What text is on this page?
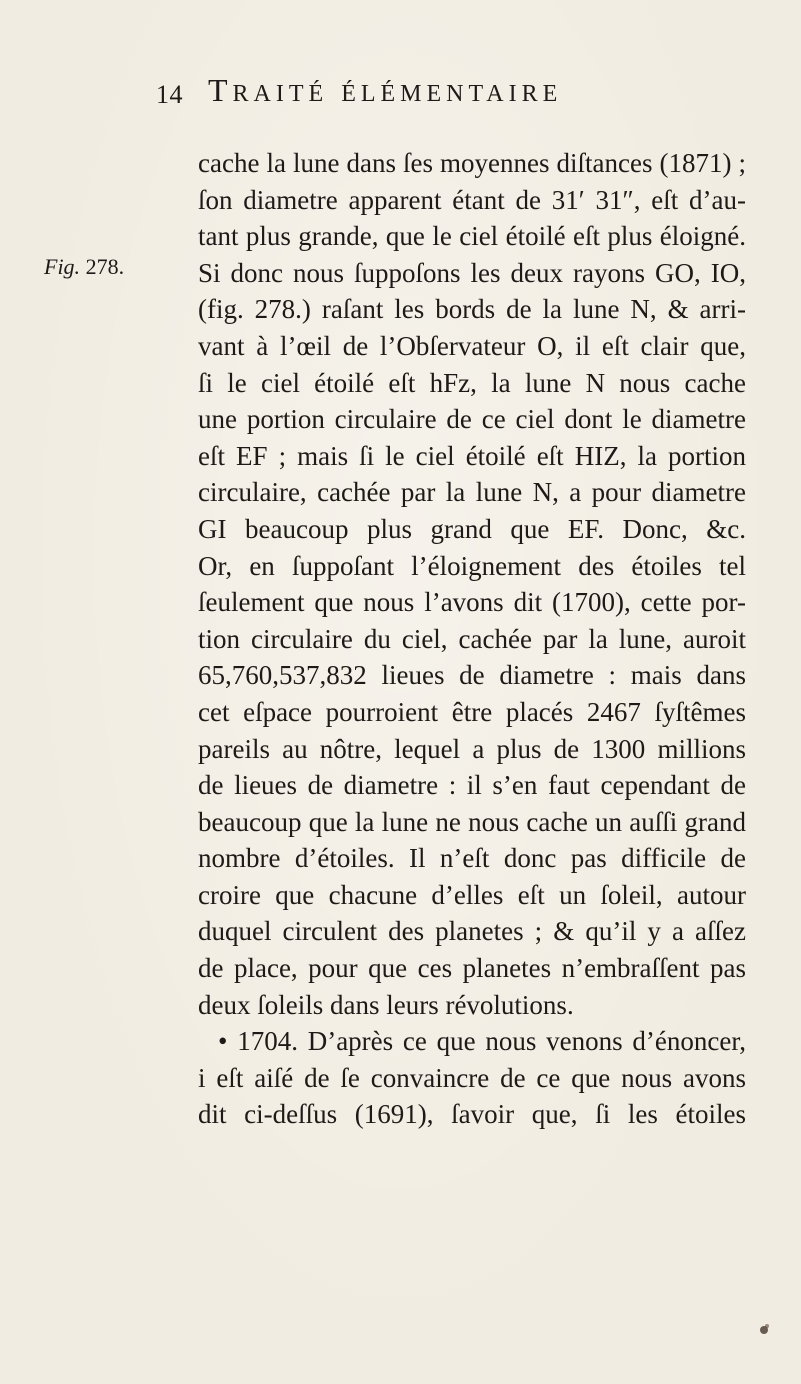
14 TRAITÉ ÉLÉMENTAIRE
Fig. 278.
cache la lune dans ſes moyennes diſtances (1871) ;
ſon diametre apparent étant de 31′ 31″, eſt d’au-
tant plus grande, que le ciel étoilé eſt plus éloigné.
Si donc nous ſuppoſons les deux rayons GO, IO,
(fig. 278.) raſant les bords de la lune N, & arri-
vant à l’œil de l’Obſervateur O, il eſt clair que,
ſi le ciel étoilé eſt hFz, la lune N nous cache
une portion circulaire de ce ciel dont le diametre
eſt EF ; mais ſi le ciel étoilé eſt HIZ, la portion
circulaire, cachée par la lune N, a pour diametre
GI beaucoup plus grand que EF. Donc, &c.
Or, en ſuppoſant l’éloignement des étoiles tel
ſeulement que nous l’avons dit (1700), cette por-
tion circulaire du ciel, cachée par la lune, auroit
65,760,537,832 lieues de diametre : mais dans
cet eſpace pourroient être placés 2467 ſyſtêmes
pareils au nôtre, lequel a plus de 1300 millions
de lieues de diametre : il s’en faut cependant de
beaucoup que la lune ne nous cache un auſſi grand
nombre d’étoiles. Il n’eſt donc pas difficile de
croire que chacune d’elles eſt un ſoleil, autour
duquel circulent des planetes ; & qu’il y a aſſez
de place, pour que ces planetes n’embraſſent pas
deux ſoleils dans leurs révolutions.
• 1704. D’après ce que nous venons d’énoncer,
i eſt aiſé de ſe convaincre de ce que nous avons
dit ci-deſſus (1691), ſavoir que, ſi les étoiles
